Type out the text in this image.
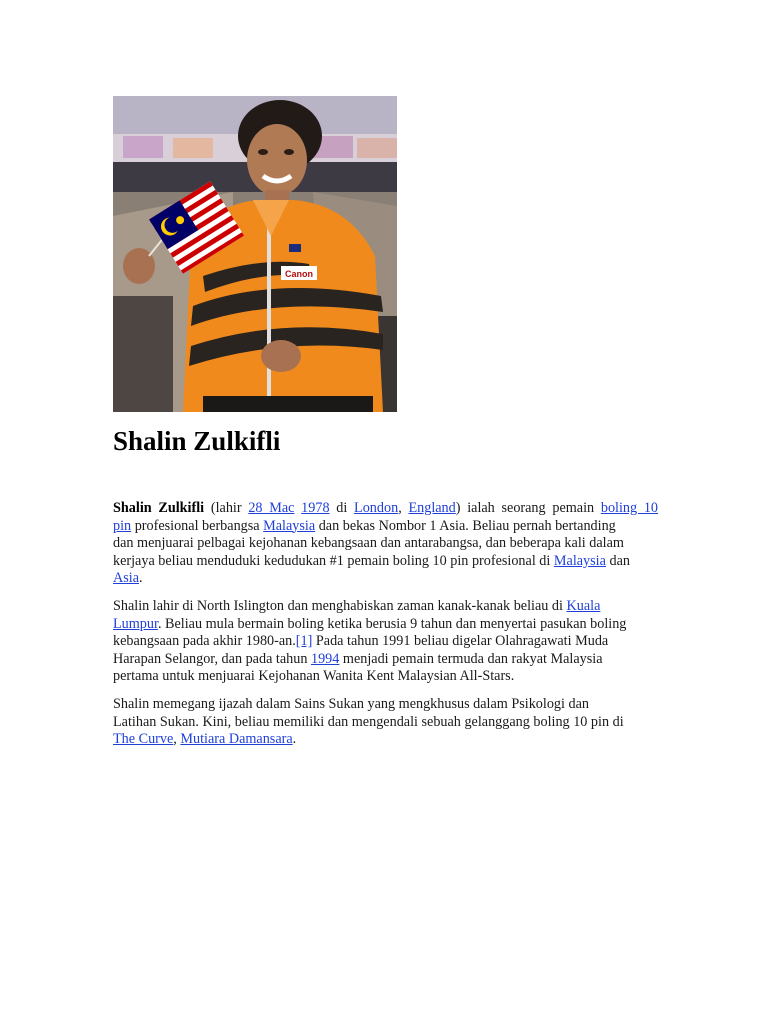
Canon
Shalin Zulkifli

Shalin Zulkifli (lahir 28 Mac 1978 di London, England) ialah seorang pemain boling 10
pin profesional berbangsa Malaysia dan bekas Nombor 1 Asia. Beliau pernah bertanding
dan menjuarai pelbagai kejohanan kebangsaan dan antarabangsa, dan beberapa kali dalam
kerjaya beliau menduduki kedudukan #1 pemain boling 10 pin profesional di Malaysia dan
Asia.

Shalin lahir di North Islington dan menghabiskan zaman kanak-kanak beliau di Kuala
Lumpur. Beliau mula bermain boling ketika berusia 9 tahun dan menyertai pasukan boling
kebangsaan pada akhir 1980-an.[1] Pada tahun 1991 beliau digelar Olahragawati Muda
Harapan Selangor, dan pada tahun 1994 menjadi pemain termuda dan rakyat Malaysia
pertama untuk menjuarai Kejohanan Wanita Kent Malaysian All-Stars.

Shalin memegang ijazah dalam Sains Sukan yang mengkhusus dalam Psikologi dan
Latihan Sukan. Kini, beliau memiliki dan mengendali sebuah gelanggang boling 10 pin di
The Curve, Mutiara Damansara.
